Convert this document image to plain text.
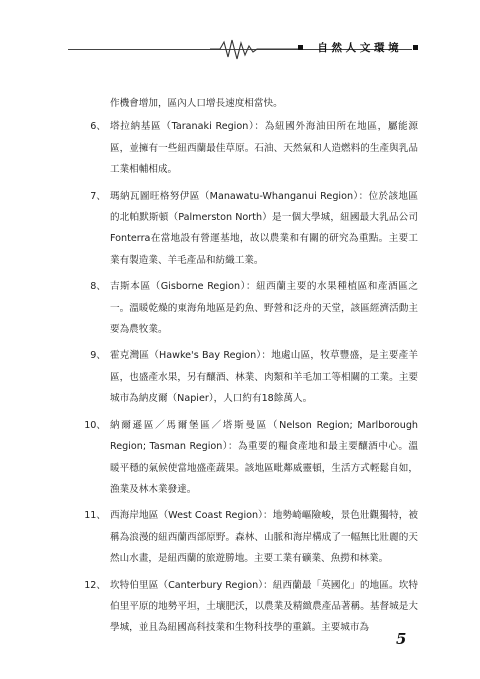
自 然 人 文 環 境

作機會增加，區內人口增長速度相當快。

6、 塔拉納基區（Taranaki Region）：為紐國外海油田所在地區，屬能源區，並擁有一些紐西蘭最佳草原。石油、天然氣和人造燃料的生產與乳品工業相輔相成。
7、 瑪納瓦圖旺格努伊區（Manawatu-Whanganui Region）：位於該地區的北帕默斯頓（Palmerston North）是一個大學城，紐國最大乳品公司Fonterra在當地設有營運基地，故以農業和有關的研究為重點。主要工業有製造業、羊毛產品和紡織工業。
8、 吉斯本區（Gisborne Region）：紐西蘭主要的水果種植區和產酒區之一。溫暖乾燥的東海角地區是釣魚、野營和泛舟的天堂，該區經濟活動主要為農牧業。
9、 霍克灣區（Hawke's Bay Region）：地處山區，牧草豐盛，是主要產羊區，也盛產水果，另有釀酒、林業、肉類和羊毛加工等相關的工業。主要城市為納皮爾（Napier），人口約有18餘萬人。
10、 納爾遜區／馬爾堡區／塔斯曼區（Nelson Region; Marlborough Region; Tasman Region）：為重要的糧食產地和最主要釀酒中心。溫暖平穩的氣候使當地盛產蔬果。該地區毗鄰威靈頓，生活方式輕鬆自如，漁業及林木業發達。
11、 西海岸地區（West Coast Region）：地勢崎嶇險峻，景色壯觀獨特，被稱為浪漫的紐西蘭西部原野。森林、山脈和海岸構成了一幅無比壯麗的天然山水畫，是紐西蘭的旅遊勝地。主要工業有礦業、魚撈和林業。
12、 坎特伯里區（Canterbury Region）：紐西蘭最「英國化」的地區。坎特伯里平原的地勢平坦，土壤肥沃，以農業及精緻農產品著稱。基督城是大學城，並且為紐國高科技業和生物科技學的重鎮。主要城市為
5
